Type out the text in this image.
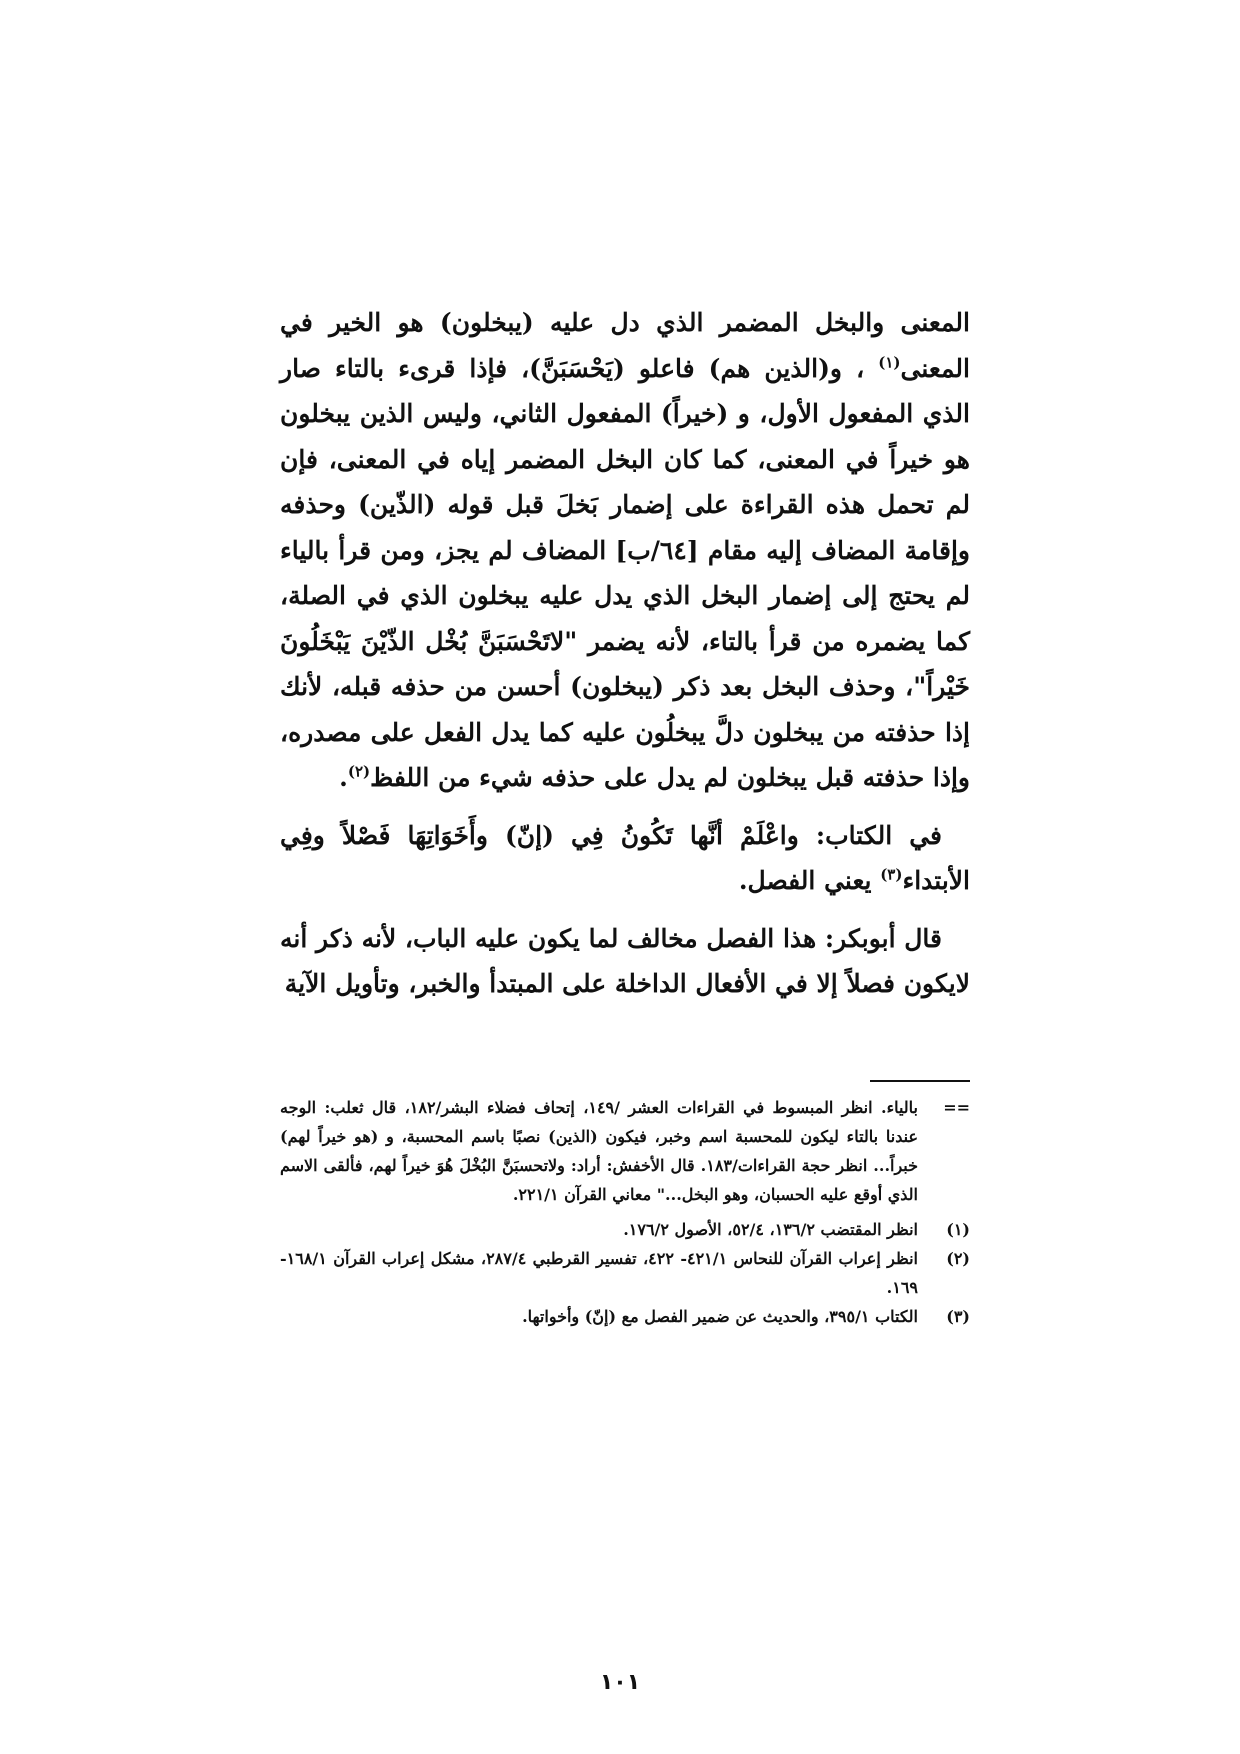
المعنى والبخل المضمر الذي دل عليه (يبخلون) هو الخير في المعنى$^{(١)}$ ، و(الذين هم) فاعلو (يَحْسَبَنَّ)، فإذا قرىء بالتاء صار الذي المفعول الأول، و (خيراً) المفعول الثاني، وليس الذين يبخلون هو خيراً في المعنى، كما كان البخل المضمر إياه في المعنى، فإن لم تحمل هذه القراءة على إضمار بَخلَ قبل قوله (الذّين) وحذفه وإقامة المضاف إليه مقام [٦٤/ب] المضاف لم يجز، ومن قرأ بالياء لم يحتج إلى إضمار البخل الذي يدل عليه يبخلون الذي في الصلة، كما يضمره من قرأ بالتاء، لأنه يضمر "لاتَحْسَبَنَّ بُخْل الذّيْنَ يَبْخَلُونَ خَيْراً"، وحذف البخل بعد ذكر (يبخلون) أحسن من حذفه قبله، لأنك إذا حذفته من يبخلون دلَّ يبخلُون عليه كما يدل الفعل على مصدره، وإذا حذفته قبل يبخلون لم يدل على حذفه شيء من اللفظ$^{(٢)}$.

في الكتاب: واعْلَمْ أنَّها تَكُونُ فِي (إنّ) وأَخَوَاتِهَا فَصْلاً وفِي الأبتداء$^{(٣)}$ يعني الفصل.

قال أبوبكر: هذا الفصل مخالف لما يكون عليه الباب، لأنه ذكر أنه لايكون فصلاً إلا في الأفعال الداخلة على المبتدأ والخبر، وتأويل الآية

==
بالياء. انظر المبسوط في القراءات العشر /١٤٩، إتحاف فضلاء البشر/١٨٢، قال ثعلب: الوجه عندنا بالتاء ليكون للمحسبة اسم وخبر، فيكون (الذين) نصبًا باسم المحسبة، و (هو خيراً لهم) خبراً... انظر حجة القراءات/١٨٣. قال الأخفش: أراد: ولاتحسبَنَّ البُخْلَ هُوَ خيراً لهم، فألقى الاسم الذي أوقع عليه الحسبان، وهو البخل..." معاني القرآن ٢٢١/١.

(١)
انظر المقتضب ١٣٦/٢، ٥٢/٤، الأصول ١٧٦/٢.

(٢)
انظر إعراب القرآن للنحاس ٤٢١/١- ٤٢٢، تفسير القرطبي ٢٨٧/٤، مشكل إعراب القرآن ١٦٨/١- ١٦٩.

(٣)
الكتاب ٣٩٥/١، والحديث عن ضمير الفصل مع (إنّ) وأخواتها.

١٠١
